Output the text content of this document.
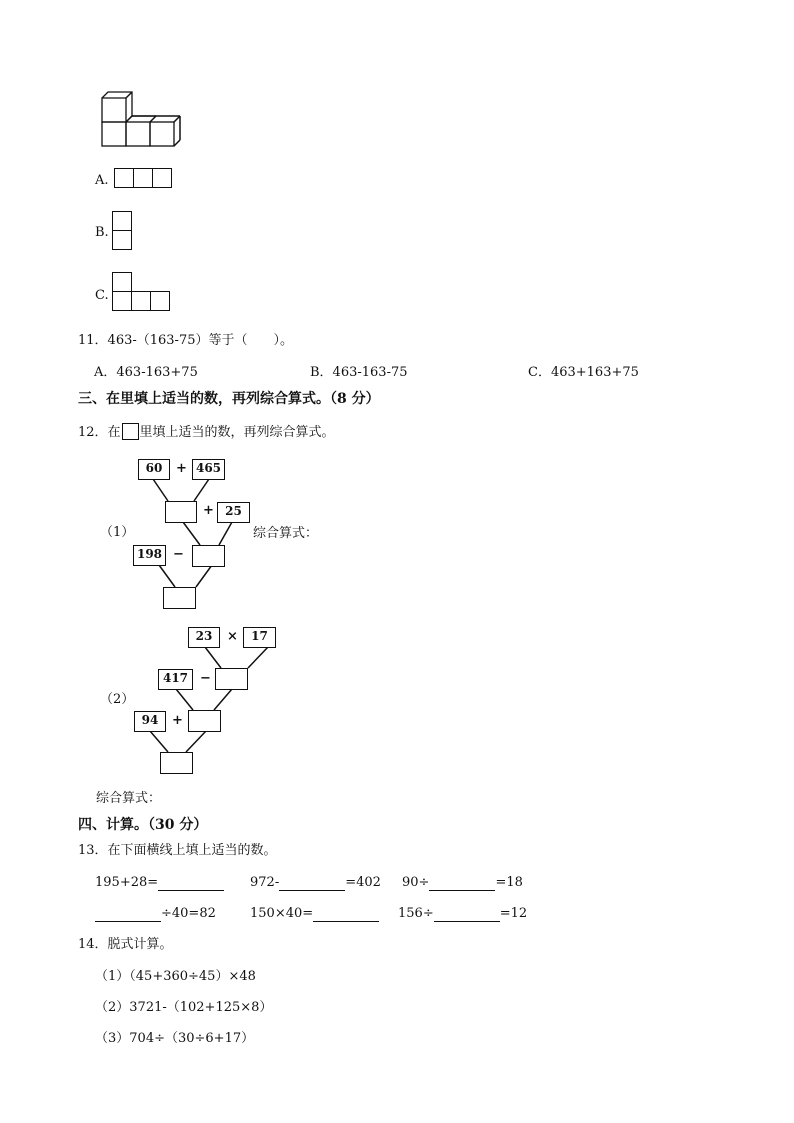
A.
B.
C.
11．463-（163-75）等于（　　）。
A．463-163+75	B．463-163-75	C．463+163+75
三、在里填上适当的数，再列综合算式。（8 分）
12．在 里填上适当的数，再列综合算式。
（1）
60	+ 465
+ 25
198 −
综合算式：
（2）
23	×	17
417 −
94	+
综合算式：
四、计算。（30 分）
13．在下面横线上填上适当的数。
195+28=	972-	=402 90÷	=18
÷40=82	150×40=	156÷	=12
14．脱式计算。
（1）（45+360÷45）×48
（2）3721-（102+125×8）
（3）704÷（30÷6+17）
